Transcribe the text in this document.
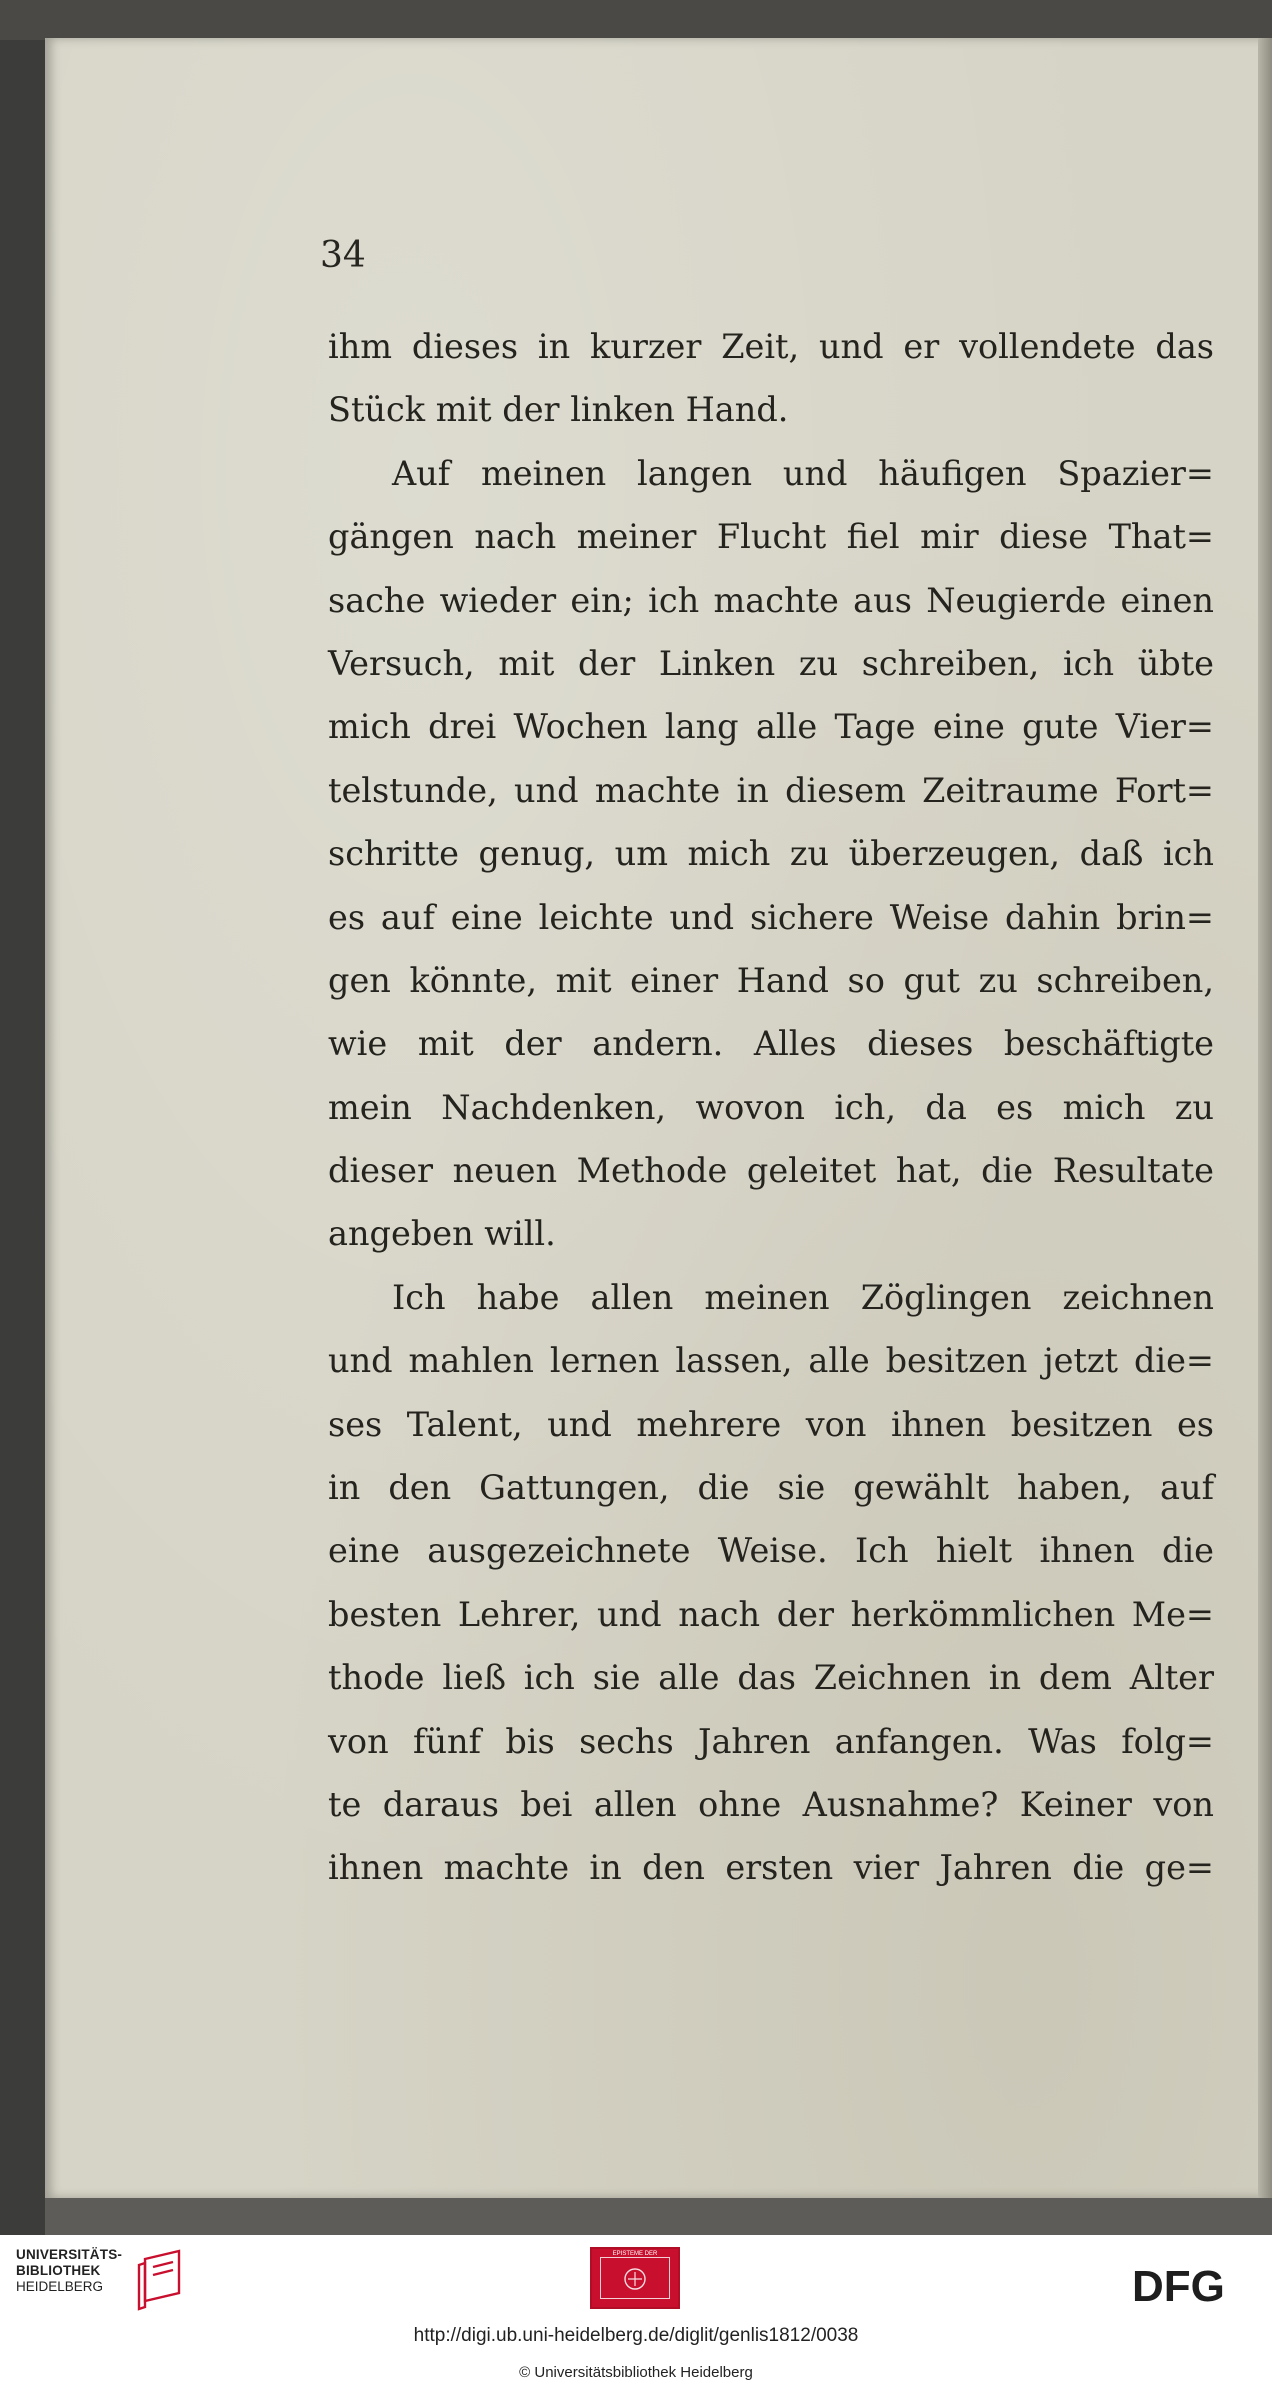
34
ihm dieses in kurzer Zeit, und er vollendete das
Stück mit der linken Hand.
Auf meinen langen und häufigen Spazier=
gängen nach meiner Flucht fiel mir diese That=
sache wieder ein; ich machte aus Neugierde einen
Versuch, mit der Linken zu schreiben, ich übte
mich drei Wochen lang alle Tage eine gute Vier=
telstunde, und machte in diesem Zeitraume Fort=
schritte genug, um mich zu überzeugen, daß ich
es auf eine leichte und sichere Weise dahin brin=
gen könnte, mit einer Hand so gut zu schreiben,
wie mit der andern. Alles dieses beschäftigte
mein Nachdenken, wovon ich, da es mich zu
dieser neuen Methode geleitet hat, die Resultate
angeben will.
Ich habe allen meinen Zöglingen zeichnen
und mahlen lernen lassen, alle besitzen jetzt die=
ses Talent, und mehrere von ihnen besitzen es
in den Gattungen, die sie gewählt haben, auf
eine ausgezeichnete Weise. Ich hielt ihnen die
besten Lehrer, und nach der herkömmlichen Me=
thode ließ ich sie alle das Zeichnen in dem Alter
von fünf bis sechs Jahren anfangen. Was folg=
te daraus bei allen ohne Ausnahme? Keiner von
ihnen machte in den ersten vier Jahren die ge=
UNIVERSITÄTS-
BIBLIOTHEK
HEIDELBERG
EPISTEME DER
DFG
http://digi.ub.uni-heidelberg.de/diglit/genlis1812/0038
© Universitätsbibliothek Heidelberg
